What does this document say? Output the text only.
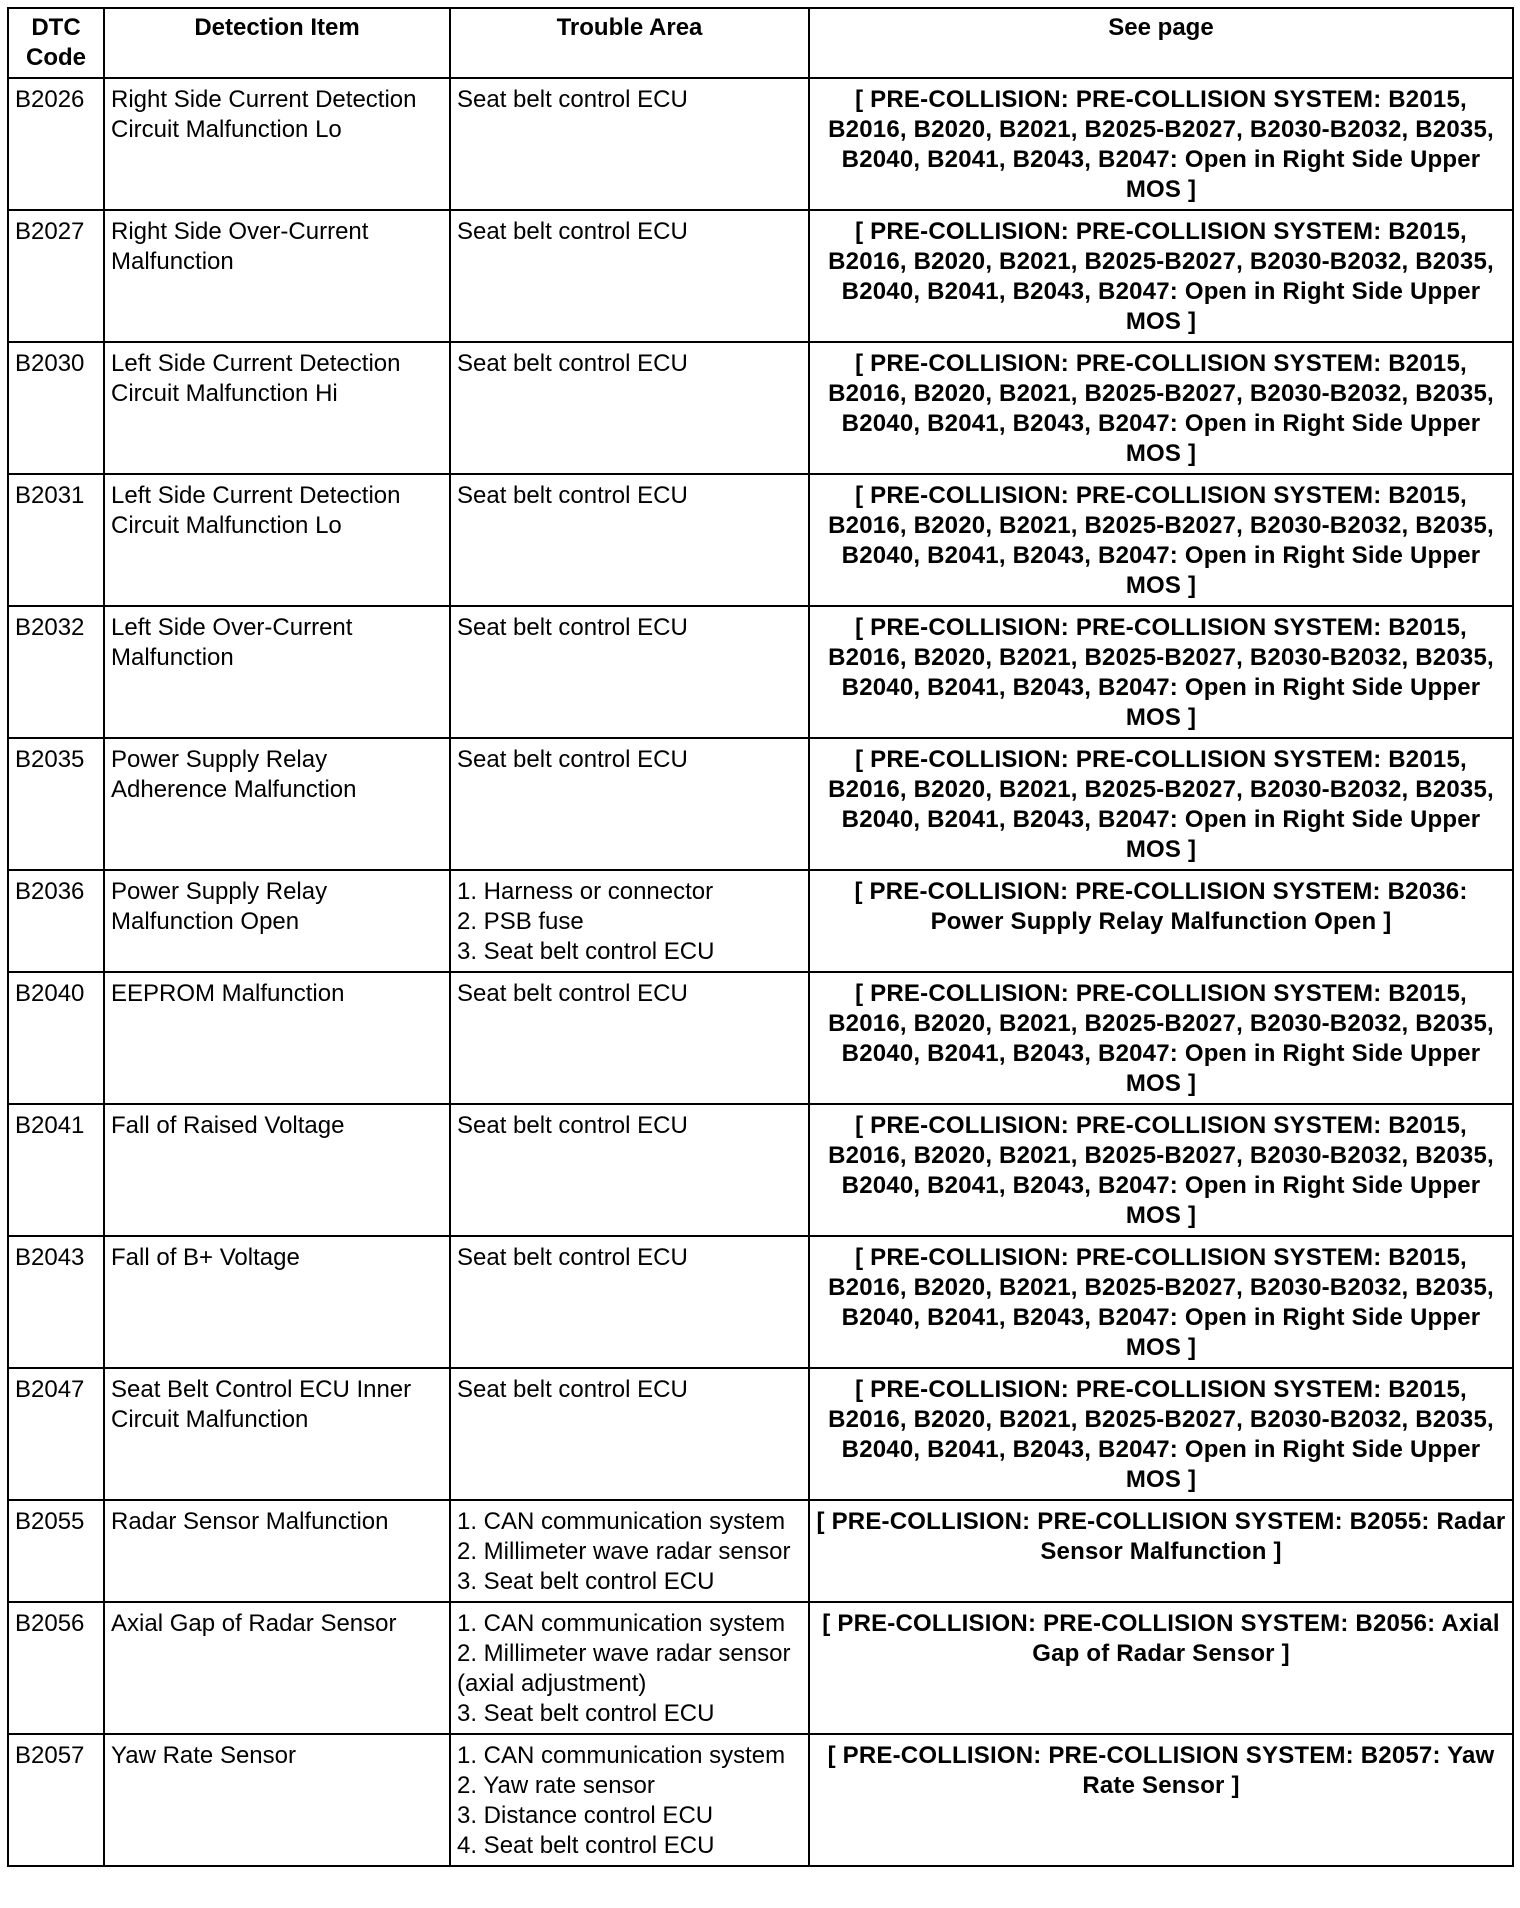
DTC Code	Detection Item	Trouble Area	See page
B2026	Right Side Current Detection Circuit Malfunction Lo	Seat belt control ECU	[ PRE-COLLISION: PRE-COLLISION SYSTEM: B2015, B2016, B2020, B2021, B2025-B2027, B2030-B2032, B2035, B2040, B2041, B2043, B2047: Open in Right Side Upper MOS ]
B2027	Right Side Over-Current Malfunction	Seat belt control ECU	[ PRE-COLLISION: PRE-COLLISION SYSTEM: B2015, B2016, B2020, B2021, B2025-B2027, B2030-B2032, B2035, B2040, B2041, B2043, B2047: Open in Right Side Upper MOS ]
B2030	Left Side Current Detection Circuit Malfunction Hi	Seat belt control ECU	[ PRE-COLLISION: PRE-COLLISION SYSTEM: B2015, B2016, B2020, B2021, B2025-B2027, B2030-B2032, B2035, B2040, B2041, B2043, B2047: Open in Right Side Upper MOS ]
B2031	Left Side Current Detection Circuit Malfunction Lo	Seat belt control ECU	[ PRE-COLLISION: PRE-COLLISION SYSTEM: B2015, B2016, B2020, B2021, B2025-B2027, B2030-B2032, B2035, B2040, B2041, B2043, B2047: Open in Right Side Upper MOS ]
B2032	Left Side Over-Current Malfunction	Seat belt control ECU	[ PRE-COLLISION: PRE-COLLISION SYSTEM: B2015, B2016, B2020, B2021, B2025-B2027, B2030-B2032, B2035, B2040, B2041, B2043, B2047: Open in Right Side Upper MOS ]
B2035	Power Supply Relay Adherence Malfunction	Seat belt control ECU	[ PRE-COLLISION: PRE-COLLISION SYSTEM: B2015, B2016, B2020, B2021, B2025-B2027, B2030-B2032, B2035, B2040, B2041, B2043, B2047: Open in Right Side Upper MOS ]
B2036	Power Supply Relay Malfunction Open	1. Harness or connector
2. PSB fuse
3. Seat belt control ECU	[ PRE-COLLISION: PRE-COLLISION SYSTEM: B2036: Power Supply Relay Malfunction Open ]
B2040	EEPROM Malfunction	Seat belt control ECU	[ PRE-COLLISION: PRE-COLLISION SYSTEM: B2015, B2016, B2020, B2021, B2025-B2027, B2030-B2032, B2035, B2040, B2041, B2043, B2047: Open in Right Side Upper MOS ]
B2041	Fall of Raised Voltage	Seat belt control ECU	[ PRE-COLLISION: PRE-COLLISION SYSTEM: B2015, B2016, B2020, B2021, B2025-B2027, B2030-B2032, B2035, B2040, B2041, B2043, B2047: Open in Right Side Upper MOS ]
B2043	Fall of B+ Voltage	Seat belt control ECU	[ PRE-COLLISION: PRE-COLLISION SYSTEM: B2015, B2016, B2020, B2021, B2025-B2027, B2030-B2032, B2035, B2040, B2041, B2043, B2047: Open in Right Side Upper MOS ]
B2047	Seat Belt Control ECU Inner Circuit Malfunction	Seat belt control ECU	[ PRE-COLLISION: PRE-COLLISION SYSTEM: B2015, B2016, B2020, B2021, B2025-B2027, B2030-B2032, B2035, B2040, B2041, B2043, B2047: Open in Right Side Upper MOS ]
B2055	Radar Sensor Malfunction	1. CAN communication system
2. Millimeter wave radar sensor
3. Seat belt control ECU	[ PRE-COLLISION: PRE-COLLISION SYSTEM: B2055: Radar Sensor Malfunction ]
B2056	Axial Gap of Radar Sensor	1. CAN communication system
2. Millimeter wave radar sensor (axial adjustment)
3. Seat belt control ECU	[ PRE-COLLISION: PRE-COLLISION SYSTEM: B2056: Axial Gap of Radar Sensor ]
B2057	Yaw Rate Sensor	1. CAN communication system
2. Yaw rate sensor
3. Distance control ECU
4. Seat belt control ECU	[ PRE-COLLISION: PRE-COLLISION SYSTEM: B2057: Yaw Rate Sensor ]
